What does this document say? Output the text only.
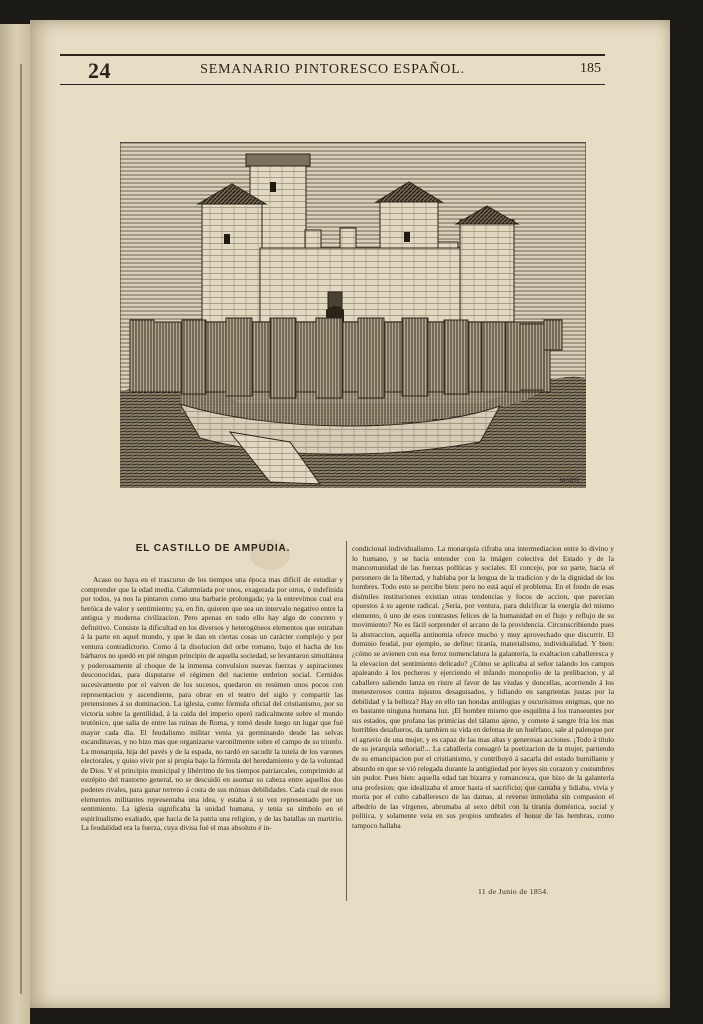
24	SEMANARIO PINTORESCO ESPAÑOL.	185
MARTI
EL CASTILLO DE AMPUDIA.

Acaso no haya en el trascurso de los tiempos una época mas difícil de estudiar y comprender que la edad media. Calumniada por unos, exagerada por otros, é indefinida por todos, ya nos la pintaron como una barbarie prolongada; ya la entrevimos cual era heróica de valor y sentimiento; ya, en fin, quieren que sea un intervalo negativo entre la antigua y moderna civilizacion. Pero apenas en todo ello hay algo de concreto y definitivo. Consiste la dificultad en los diversos y heterogéneos elementos que entraban á la parte en aquel mundo, y que le dan en ciertas cosas un carácter complejo y por ventura contradictorio. Como á la disolucion del orbe romano, bajo el hacha de los bárbaros no quedó en pié ningun principio de aquella sociedad, se levantaron simultánea y poderosamente al choque de la inmensa convulsion nuevas fuerzas y aspiraciones desconocidas, para disputarse el régimen del naciente embrion social. Cernidos sucesivamente por el vaiven de los sucesos, quedaron en resúmen unos pocos con representacion y ascendiente, para obrar en el teatro del siglo y compartir las pretensiones á su dominacion. La iglesia, como fórmula oficial del cristianismo, por su victoria sobre la gentilidad, á la caida del imperio operó radicalmente sobre el mundo teutónico, que salia de entre las ruinas de Roma, y tomó desde luego un lugar que fué mayor cada dia. El feudalismo militar venia ya germinando desde las selvas escandinavas, y no hizo mas que organizarse varonilmente sobre el campo de su triunfo. La monarquía, hija del pavés y de la espada, no tardó en sacudir la tutela de los varones electorales, y quiso vivir por sí propia bajo la fórmula del heredamiento y de la voluntad de Dios. Y el principio municipal y libérrimo de los tiempos patriarcales, comprimido al estrépito del trastorno general, no se descuidó en asomar su cabeza entre aquellos dos poderes rivales, para ganar terreno á costa de sus mútuas debilidades. Cada cual de esos elementos militantes representaba una idea, y estaba á su vez representado por un sentimiento. La iglesia significaba la unidad humana, y tenia su símbolo en el espiritualismo exaltado, que hacia de la patria una religion, y de las batallas un martirio. La feudalidad era la fuerza, cuya divisa fué el mas absoluto é in-

condicional individualismo. La monarquía cifraba una intermediacion entre lo divino y lo humano, y se hacia entender con la imágen colectiva del Estado y de la mancomunidad de las fuerzas políticas y sociales. El concejo, por su parte, hacia el personero de la libertad, y hablaba por la lengua de la tradicion y de la dignidad de los hombres. Todo esto se percibe bien: pero no está aquí el problema. En el fondo de esas disímiles instituciones existian otras tendencias y focos de accion, que parecian opuestos á su agente radical. ¿Sería, por ventura, para dulcificar la energía del mismo elemento, ó uno de esos contrastes felices de la humanidad en el flujo y reflujo de su movimiento? No es fácil sorprender el arcano de la providencia. Circunscribiendo pues la abstraccion, aquella antinomia ofrece mucho y muy aprovechado que discurrir. El dominio feudal, por ejemplo, se define: tiranía, materialismo, individualidad. Y bien: ¿cómo se avienen con esa feroz nomenclatura la galantería, la exaltacion caballeresca y la elevacion del sentimiento delicado? ¿Cómo se aplicaba al señor talando los campos apaleando á los pecheros y ejerciendo el infando monopolio de la prelibacion, y al caballero saliendo lanza en ristre al favor de las viudas y doncellas, acorriendo á los menesterosos contra injustos desaguisados, y lidiando en sangrientas justas por la debilidad y la belleza? Hay en ello tan hondas antilogias y oscurísimos enigmas, que no es bastante ninguna humana luz. ¡El hombre mismo que esquilma á los transeuntes por sus estados, que profana las primicias del tálamo ajeno, y comete á sangre fria los mas horribles desafueros, da tambien su vida en defensa de un huérfano, sale al palenque por el agravio de una mujer, y es capaz de las mas altas y generosas acciones. ¡Todo á título de su jerarquía señorial!... La caballería consagró la poetizacion de la mujer, partiendo de su emancipacion por el cristianismo, y contribuyó á sacarla del estado humillante y absurdo en que se vió relegada durante la antigüedad por leyes sin corazon y costumbres sin pudor. Pues bien: aquella edad tan bizarra y romancesca, que hizo de la galantería una profesion; que idealizaba el amor hasta el sacrificio; que cantaba y lidiaba, vivia y moria por el culto caballeresco de las damas, al reverso inmolaba sin compasion el albedrío de las vírgenes, abrumaba al sexo débil con la tiranía doméstica, social y política, y solamente veia en sus propios umbrales el honor de las hembras, como tampoco hallaba

11 de Junio de 1854.
